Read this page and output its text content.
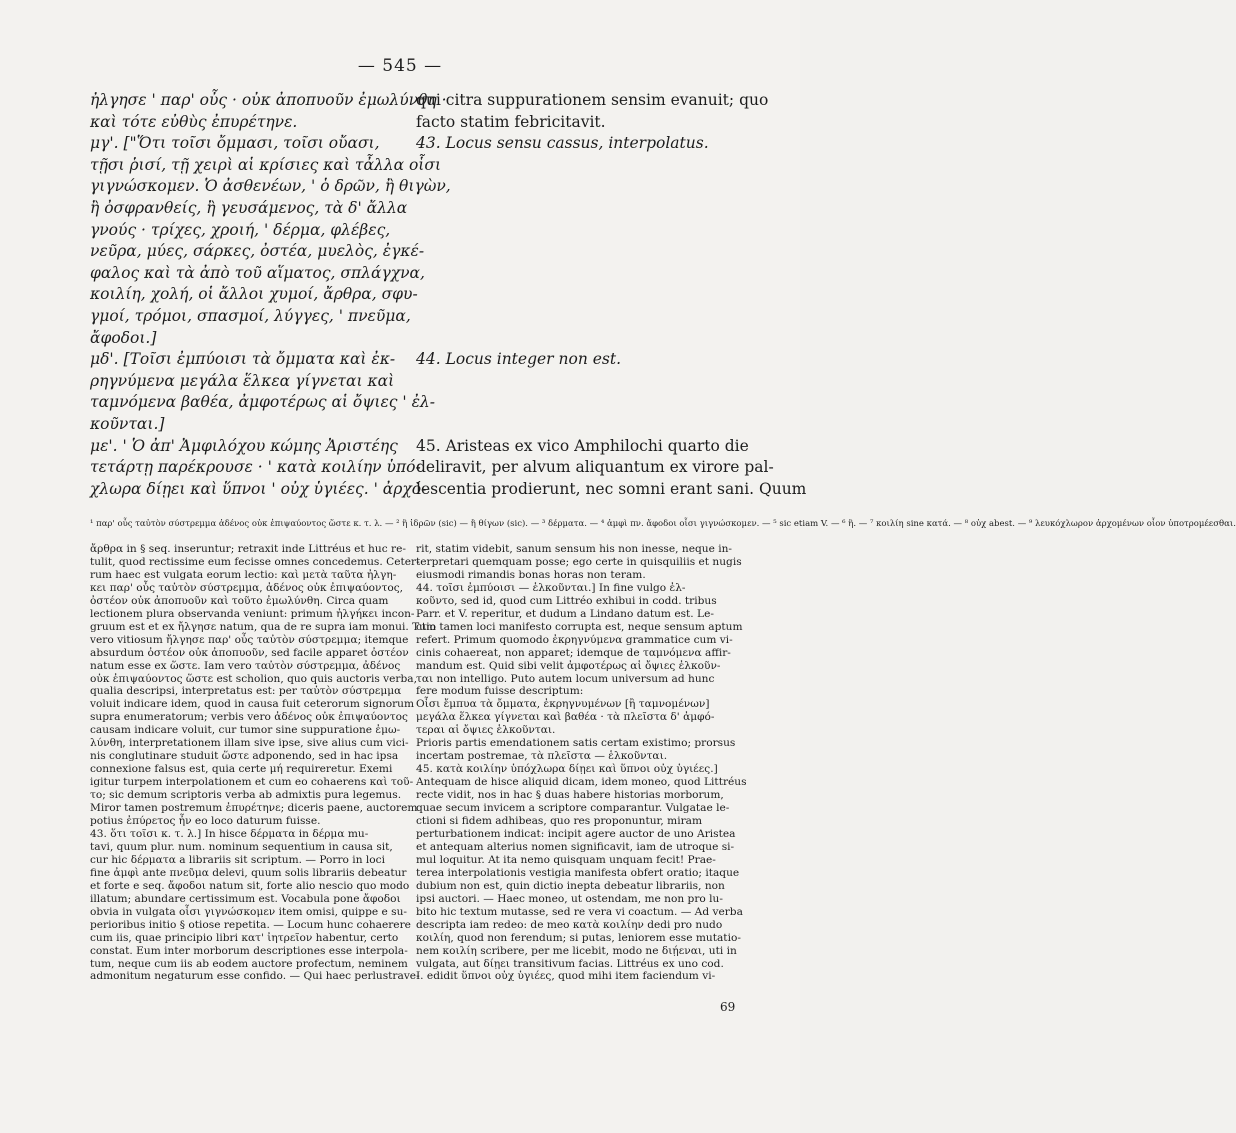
— 545 —

ἠλγησε ' παρ' οὖς · οὐκ ἀποπυοῦν ἐμωλύνθη ·

καὶ τότε εὐθὺς ἐπυρέτηνε.

μγ'. ["Ὅτι τοῖσι ὄμμασι, τοῖσι οὔασι,

τῇσι ῥισί, τῇ χειρὶ αἱ κρίσιες καὶ τἆλλα οἷσι

γιγνώσκομεν. Ὁ ἀσθενέων, ' ὁ δρῶν, ἢ θιγὼν,

ἢ ὀσφρανθείς, ἢ γευσάμενος, τὰ δ' ἄλλα

γνούς · τρίχες, χροιή, ' δέρμα, φλέβες,

νεῦρα, μύες, σάρκες, ὀστέα, μυελὸς, ἐγκέ-

φαλος καὶ τὰ ἀπὸ τοῦ αἵματος, σπλάγχνα,

κοιλίη, χολή, οἱ ἄλλοι χυμοί, ἄρθρα, σφυ-

γμοί, τρόμοι, σπασμοί, λύγγες, ' πνεῦμα,

ἄφοδοι.]

μδ'. [Τοῖσι ἐμπύοισι τὰ ὄμματα καὶ ἐκ-

ρηγνύμενα μεγάλα ἕλκεα γίγνεται καὶ

ταμνόμενα βαθέα, ἀμφοτέρως αἱ ὄψιες ' ἐλ-

κοῦνται.]

με'. ' Ὁ ἀπ' Ἀμφιλόχου κώμης Ἀριστέης

τετάρτῃ παρέκρουσε · ' κατὰ κοιλίην ὑπό-

χλωρα δίῃει καὶ ὕπνοι ' οὐχ ὑγιέες. ' ἀρχό-

qui citra suppurationem sensim evanuit; quo

facto statim febricitavit.

43. Locus sensu cassus, interpolatus.

44. Locus integer non est.

45. Aristeas ex vico Amphilochi quarto die

deliravit, per alvum aliquantum ex virore pal-

lescentia prodierunt, nec somni erant sani. Quum

¹ παρ' οὖς ταὐτὸν σύστρεμμα ἀδένος οὐκ ἐπιψαύοντος ὥστε κ. τ. λ. — ² ἢ ἰδρῶν (sic) — ἢ θίγων (sic). — ³ δέρματα. — ⁴ ἀμφὶ πν. ἄφοδοι οἷσι γιγνώσκομεν. — ⁵ sic etiam V. — ⁶ ἢ. — ⁷ κοιλίη sine κατά. — ⁸ οὐχ abest. — ⁹ λευκόχλωρον ἀρχομένων οἷον ὑποτρομέεσθαι.

ἄρθρα in § seq. inseruntur; retraxit inde Littréus et huc re-

tulit, quod rectissime eum fecisse omnes concedemus. Ceter-

rum haec est vulgata eorum lectio: καὶ μετὰ ταῦτα ἠλγη-

κει παρ' οὖς ταὐτὸν σύστρεμμα, ἀδένος οὐκ ἐπιψαύοντος,

ὀστέον οὐκ ἀποπυοῦν καὶ τοῦτο ἐμωλύνθη. Circa quam

lectionem plura observanda veniunt: primum ἠλγήκει incon-

gruum est et ex ἤλγησε natum, qua de re supra iam monui. Tum

vero vitiosum ἤλγησε παρ' οὖς ταὐτὸν σύστρεμμα; itemque

absurdum ὀστέον οὐκ ἀποπυοῦν, sed facile apparet ὀστέον

natum esse ex ὥστε. Iam vero ταὐτὸν σύστρεμμα, ἀδένος

οὐκ ἐπιψαύοντος ὥστε est scholion, quo quis auctoris verba,

qualia descripsi, interpretatus est: per ταὐτὸν σύστρεμμα

voluit indicare idem, quod in causa fuit ceterorum signorum

supra enumeratorum; verbis vero ἀδένος οὐκ ἐπιψαύοντος

causam indicare voluit, cur tumor sine suppuratione ἐμω-

λύνθη, interpretationem illam sive ipse, sive alius cum vici-

nis conglutinare studuit ὥστε adponendo, sed in hac ipsa

connexione falsus est, quia certe μή requireretur. Exemi

igitur turpem interpolationem et cum eo cohaerens καὶ τοῦ-

το; sic demum scriptoris verba ab admixtis pura legemus.

Miror tamen postremum ἐπυρέτηνε; diceris paene, auctorem

potius ἐπύρετος ἦν eo loco daturum fuisse.

43. ὅτι τοῖσι κ. τ. λ.] In hisce δέρματα in δέρμα mu-

tavi, quum plur. num. nominum sequentium in causa sit,

cur hic δέρματα a librariis sit scriptum. — Porro in loci

fine ἀμφὶ ante πνεῦμα delevi, quum solis librariis debeatur

et forte e seq. ἄφοδοι natum sit, forte alio nescio quo modo

illatum; abundare certissimum est. Vocabula pone ἄφοδοι

obvia in vulgata οἷσι γιγνώσκομεν item omisi, quippe e su-

perioribus initio § otiose repetita. — Locum hunc cohaerere

cum iis, quae principio libri κατ' ἰητρεῖον habentur, certo

constat. Eum inter morborum descriptiones esse interpola-

tum, neque cum iis ab eodem auctore profectum, neminem

admonitum negaturum esse confido. — Qui haec perlustrave-

rit, statim videbit, sanum sensum his non inesse, neque in-

terpretari quemquam posse; ego certe in quisquiliis et nugis

eiusmodi rimandis bonas horas non teram.

44. τοῖσι ἐμπύοισι — ἑλκοῦνται.] In fine vulgo ἐλ-

κοῦντο, sed id, quod cum Littréo exhibui in codd. tribus

Parr. et V. reperitur, et dudum a Lindano datum est. Le-

ctio tamen loci manifesto corrupta est, neque sensum aptum

refert. Primum quomodo ἐκρηγνύμενα grammatice cum vi-

cinis cohaereat, non apparet; idemque de ταμνόμενα affir-

mandum est. Quid sibi velit ἀμφοτέρως αἱ ὄψιες ἐλκοῦν-

ται non intelligo. Puto autem locum universum ad hunc

fere modum fuisse descriptum:

Οἷσι ἔμπυα τὰ ὄμματα, ἐκρηγνυμένων [ἢ ταμνομένων]

μεγάλα ἕλκεα γίγνεται καὶ βαθέα · τὰ πλεῖστα δ' ἀμφό-

τεραι αἱ ὄψιες ἑλκοῦνται.

Prioris partis emendationem satis certam existimo; prorsus

incertam postremae, τὰ πλεῖστα — ἑλκοῦνται.

45. κατὰ κοιλίην ὑπόχλωρα δίῃει καὶ ὕπνοι οὐχ ὑγιέες.]

Antequam de hisce aliquid dicam, idem moneo, quod Littréus

recte vidit, nos in hac § duas habere historias morborum,

quae secum invicem a scriptore comparantur. Vulgatae le-

ctioni si fidem adhibeas, quo res proponuntur, miram

perturbationem indicat: incipit agere auctor de uno Aristea

et antequam alterius nomen significavit, iam de utroque si-

mul loquitur. At ita nemo quisquam unquam fecit! Prae-

terea interpolationis vestigia manifesta obfert oratio; itaque

dubium non est, quin dictio inepta debeatur librariis, non

ipsi auctori. — Haec moneo, ut ostendam, me non pro lu-

bito hic textum mutasse, sed re vera vi coactum. — Ad verba

descripta iam redeo: de meo κατὰ κοιλίην dedi pro nudo

κοιλίη, quod non ferendum; si putas, leniorem esse mutatio-

nem κοιλίη scribere, per me licebit, modo ne διῄεναι, uti in

vulgata, aut δίῃει transitivum facias. Littréus ex uno cod.

I. edidit ὕπνοι οὐχ ὑγιέες, quod mihi item faciendum vi-

69
